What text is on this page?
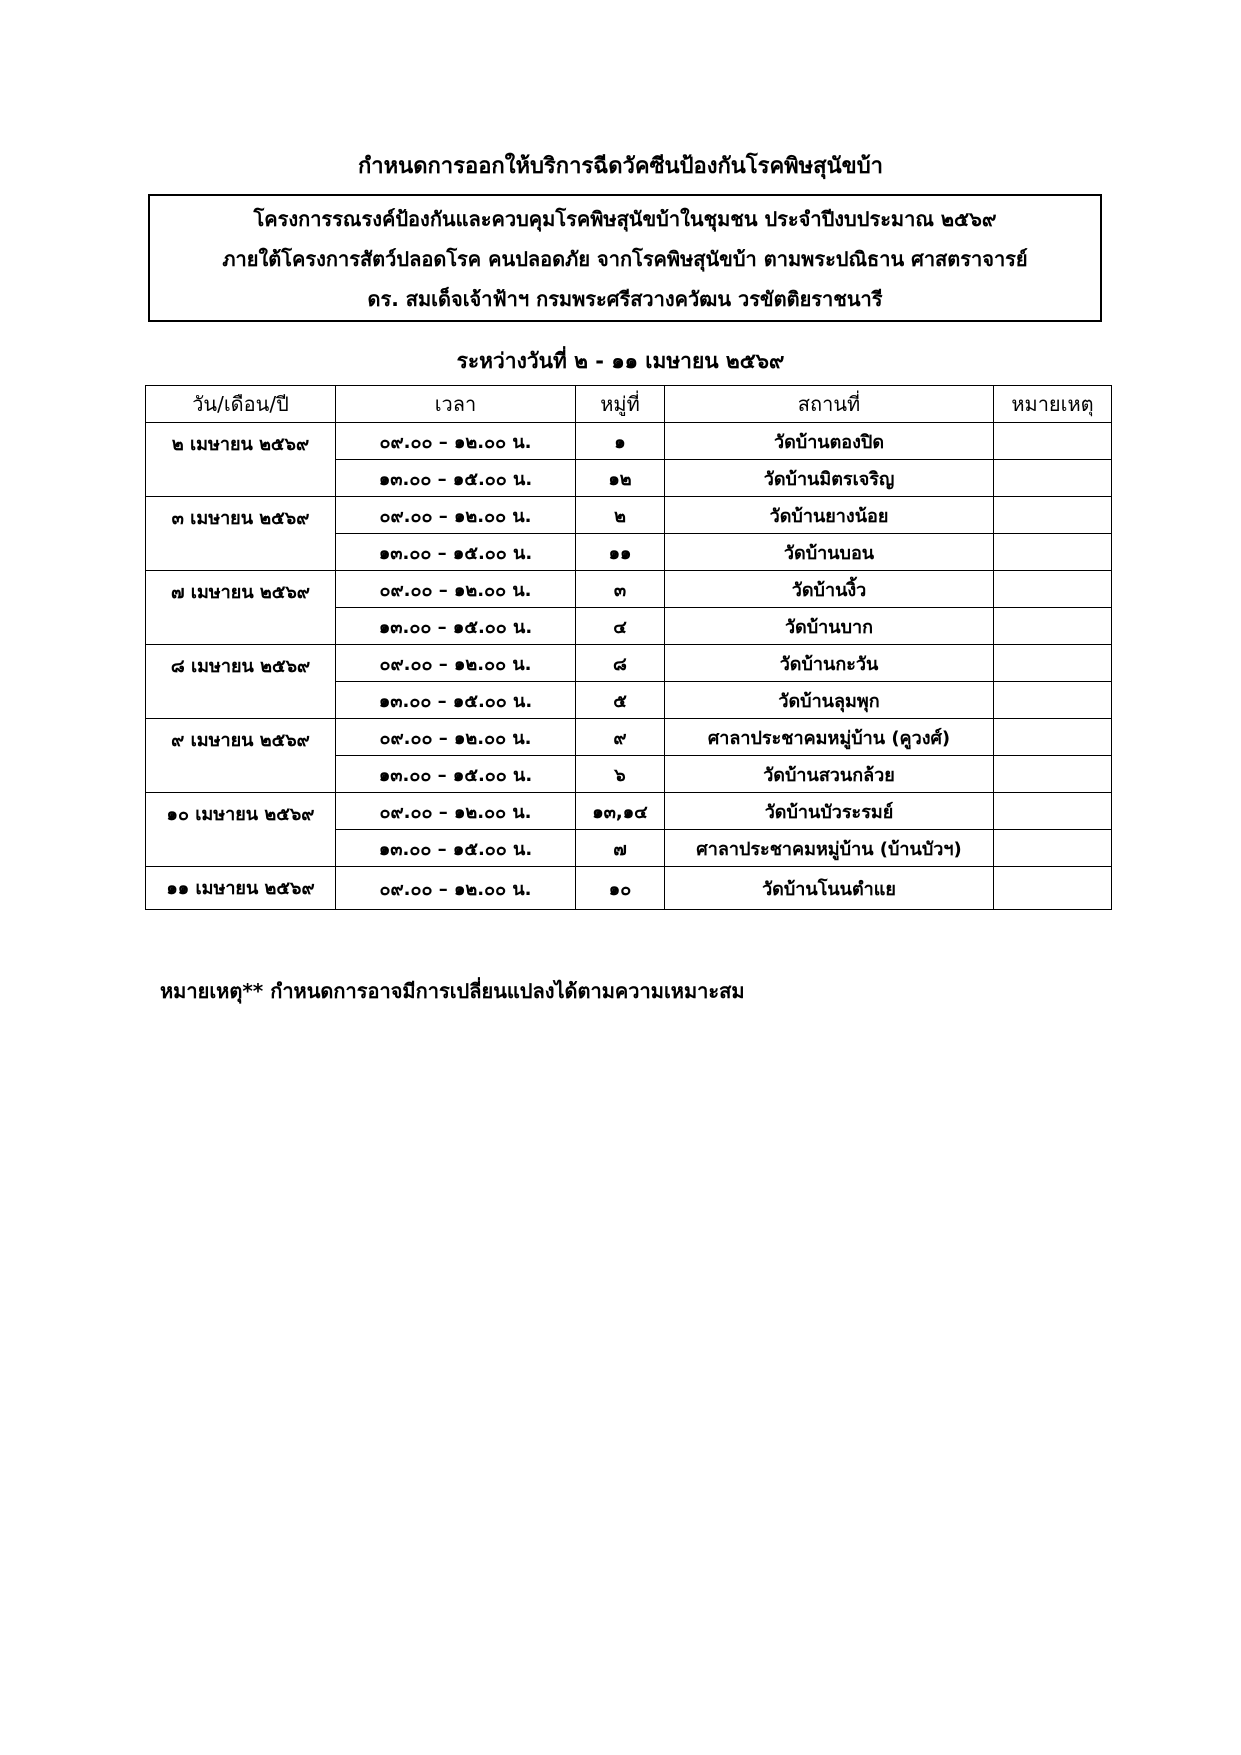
กำหนดการออกให้บริการฉีดวัคซีนป้องกันโรคพิษสุนัขบ้า
โครงการรณรงค์ป้องกันและควบคุมโรคพิษสุนัขบ้าในชุมชน ประจำปีงบประมาณ ๒๕๖๙
ภายใต้โครงการสัตว์ปลอดโรค คนปลอดภัย จากโรคพิษสุนัขบ้า ตามพระปณิธาน ศาสตราจารย์
ดร. สมเด็จเจ้าฟ้าฯ กรมพระศรีสวางควัฒน วรขัตติยราชนารี
ระหว่างวันที่ ๒ - ๑๑ เมษายน ๒๕๖๙
วัน/เดือน/ปี	เวลา	หมู่ที่	สถานที่	หมายเหตุ
๒ เมษายน ๒๕๖๙	๐๙.๐๐ – ๑๒.๐๐ น.	๑	วัดบ้านตองปิด	
	๑๓.๐๐ – ๑๕.๐๐ น.	๑๒	วัดบ้านมิตรเจริญ	
๓ เมษายน ๒๕๖๙	๐๙.๐๐ – ๑๒.๐๐ น.	๒	วัดบ้านยางน้อย	
	๑๓.๐๐ – ๑๕.๐๐ น.	๑๑	วัดบ้านบอน	
๗ เมษายน ๒๕๖๙	๐๙.๐๐ – ๑๒.๐๐ น.	๓	วัดบ้านงิ้ว	
	๑๓.๐๐ – ๑๕.๐๐ น.	๔	วัดบ้านบาก	
๘ เมษายน ๒๕๖๙	๐๙.๐๐ – ๑๒.๐๐ น.	๘	วัดบ้านกะวัน	
	๑๓.๐๐ – ๑๕.๐๐ น.	๕	วัดบ้านลุมพุก	
๙ เมษายน ๒๕๖๙	๐๙.๐๐ – ๑๒.๐๐ น.	๙	ศาลาประชาคมหมู่บ้าน (คูวงศ์)	
	๑๓.๐๐ – ๑๕.๐๐ น.	๖	วัดบ้านสวนกล้วย	
๑๐ เมษายน ๒๕๖๙	๐๙.๐๐ – ๑๒.๐๐ น.	๑๓,๑๔	วัดบ้านบัวระรมย์	
	๑๓.๐๐ – ๑๕.๐๐ น.	๗	ศาลาประชาคมหมู่บ้าน (บ้านบัวฯ)	
๑๑ เมษายน ๒๕๖๙	๐๙.๐๐ – ๑๒.๐๐ น.	๑๐	วัดบ้านโนนตำแย	
หมายเหตุ** กำหนดการอาจมีการเปลี่ยนแปลงได้ตามความเหมาะสม
